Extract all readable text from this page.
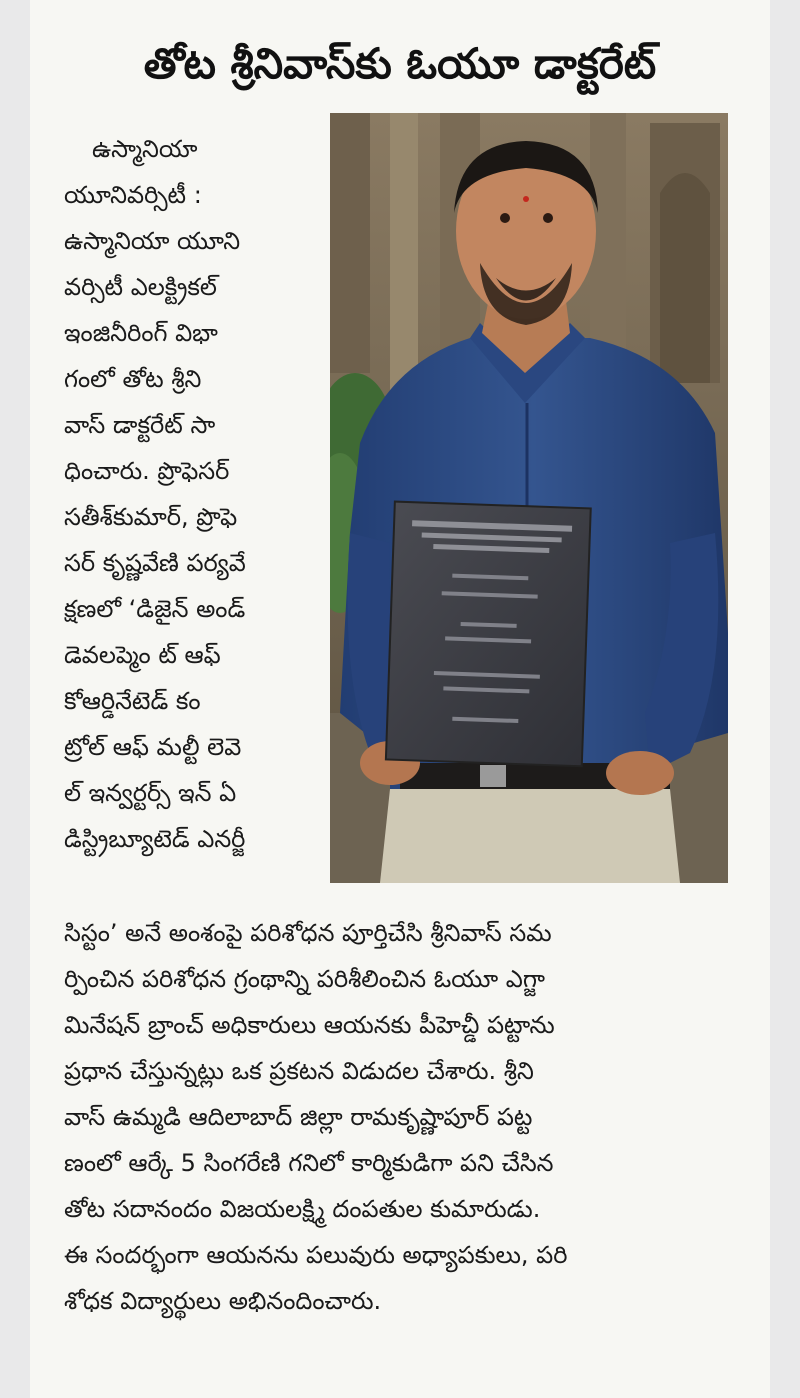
తోట శ్రీనివాస్‌కు ఓయూ డాక్టరేట్
ఉస్మానియా
యూనివర్సిటీ :
ఉస్మానియా యూని
వర్సిటీ ఎలక్ట్రికల్
ఇంజినీరింగ్ విభా
గంలో తోట శ్రీని
వాస్ డాక్టరేట్ సా
ధించారు. ప్రొఫెసర్
సతీశ్‌కుమార్, ప్రొఫె
సర్ కృష్ణవేణి పర్యవే
క్షణలో ‘డిజైన్ అండ్
డెవలప్మెం ట్ ఆఫ్
కోఆర్డినేటెడ్ కం
ట్రోల్ ఆఫ్ మల్టీ లెవె
ల్ ఇన్వర్టర్స్ ఇన్ ఏ
డిస్ట్రిబ్యూటెడ్ ఎనర్జీ
సిస్టం’ అనే అంశంపై పరిశోధన పూర్తిచేసి శ్రీనివాస్ సమ
ర్పించిన పరిశోధన గ్రంథాన్ని పరిశీలించిన ఓయూ ఎగ్జా
మినేషన్ బ్రాంచ్ అధికారులు ఆయనకు పీహెచ్డీ పట్టాను
ప్రధాన చేస్తున్నట్లు ఒక ప్రకటన విడుదల చేశారు. శ్రీని
వాస్ ఉమ్మడి ఆదిలాబాద్ జిల్లా రామకృష్ణాపూర్ పట్ట
ణంలో ఆర్కే 5 సింగరేణి గనిలో కార్మికుడిగా పని చేసిన
తోట సదానందం విజయలక్ష్మి దంపతుల కుమారుడు.
ఈ సందర్భంగా ఆయనను పలువురు అధ్యాపకులు, పరి
శోధక విద్యార్థులు అభినందించారు.
